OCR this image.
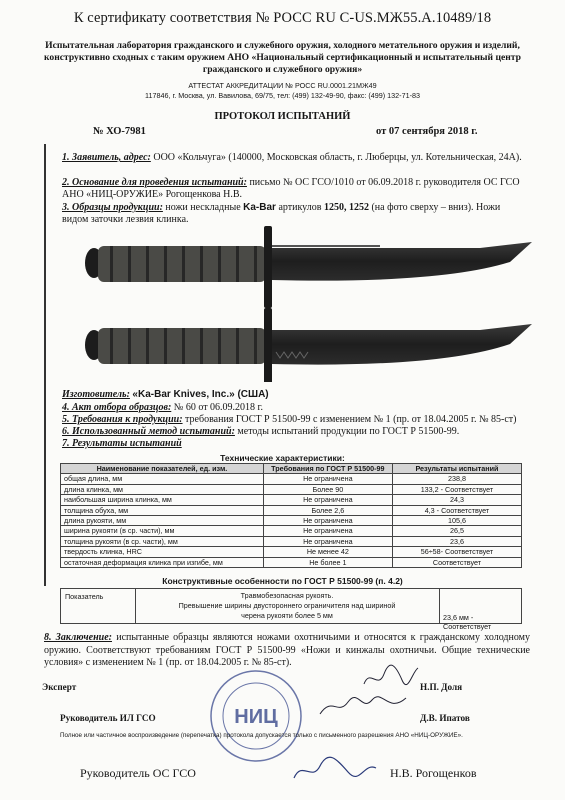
К сертификату соответствия № РОСС RU C-US.МЖ55.А.10489/18
Испытательная лаборатория гражданского и служебного оружия, холодного метательного оружия и изделий, конструктивно сходных с таким оружием АНО «Национальный сертификационный и испытательный центр гражданского и служебного оружия»
АТТЕСТАТ АККРЕДИТАЦИИ № РОСС RU.0001.21МЖ49
117846, г. Москва, ул. Вавилова, 69/75, тел: (499) 132-49-90, факс: (499) 132-71-83
ПРОТОКОЛ ИСПЫТАНИЙ
№ ХО-7981	от 07 сентября 2018 г.
1. Заявитель, адрес: ООО «Кольчуга» (140000, Московская область, г. Люберцы, ул. Котельническая, 24А).
2. Основание для проведения испытаний: письмо № ОС ГСО/1010 от 06.09.2018 г. руководителя ОС ГСО АНО «НИЦ-ОРУЖИЕ» Рогощенкова Н.В.
3. Образцы продукции: ножи нескладные Ka-Bar артикулов 1250, 1252 (на фото сверху – вниз). Ножи видом заточки лезвия клинка.
Изготовитель: «Ka-Bar Knives, Inc.» (США)
4. Акт отбора образцов: № 60 от 06.09.2018 г.
5. Требования к продукции: требования ГОСТ Р 51500-99 с изменением № 1 (пр. от 18.04.2005 г. № 85-ст)
6. Использованный метод испытаний: методы испытаний продукции по ГОСТ Р 51500-99.
7. Результаты испытаний
Технические характеристики:
Наименование показателей, ед. изм.	Требования по ГОСТ Р 51500-99	Результаты испытаний
общая длина, мм	Не ограничена	238,8
длина клинка, мм	Более 90	133,2 - Соответствует
наибольшая ширина клинка, мм	Не ограничена	24,3
толщина обуха, мм	Более 2,6	4,3 - Соответствует
длина рукояти, мм	Не ограничена	105,6
ширина рукояти (в ср. части), мм	Не ограничена	26,5
толщина рукояти (в ср. части), мм	Не ограничена	23,6
твердость клинка, HRC	Не менее 42	56÷58- Соответствует
остаточная деформация клинка при изгибе, мм	Не более 1	Соответствует
Конструктивные особенности по ГОСТ Р 51500-99 (п. 4.2)
Показатель	Травмобезопасная рукоять.
Превышение ширины двустороннего ограничителя над шириной
черена рукояти более 5 мм	23,6 мм - Соответствует
8. Заключение: испытанные образцы являются ножами охотничьими и относятся к гражданскому холодному оружию. Соответствуют требованиям ГОСТ Р 51500-99 «Ножи и кинжалы охотничьи. Общие технические условия» с изменением № 1 (пр. от 18.04.2005 г. № 85-ст).
Эксперт	Н.П. Доля
НИЦ
Руководитель ИЛ ГСО	Д.В. Ипатов
Полное или частичное воспроизведение (перепечатка) протокола допускается только с письменного разрешения АНО «НИЦ-ОРУЖИЕ».
Руководитель ОС ГСО	Н.В. Рогощенков
